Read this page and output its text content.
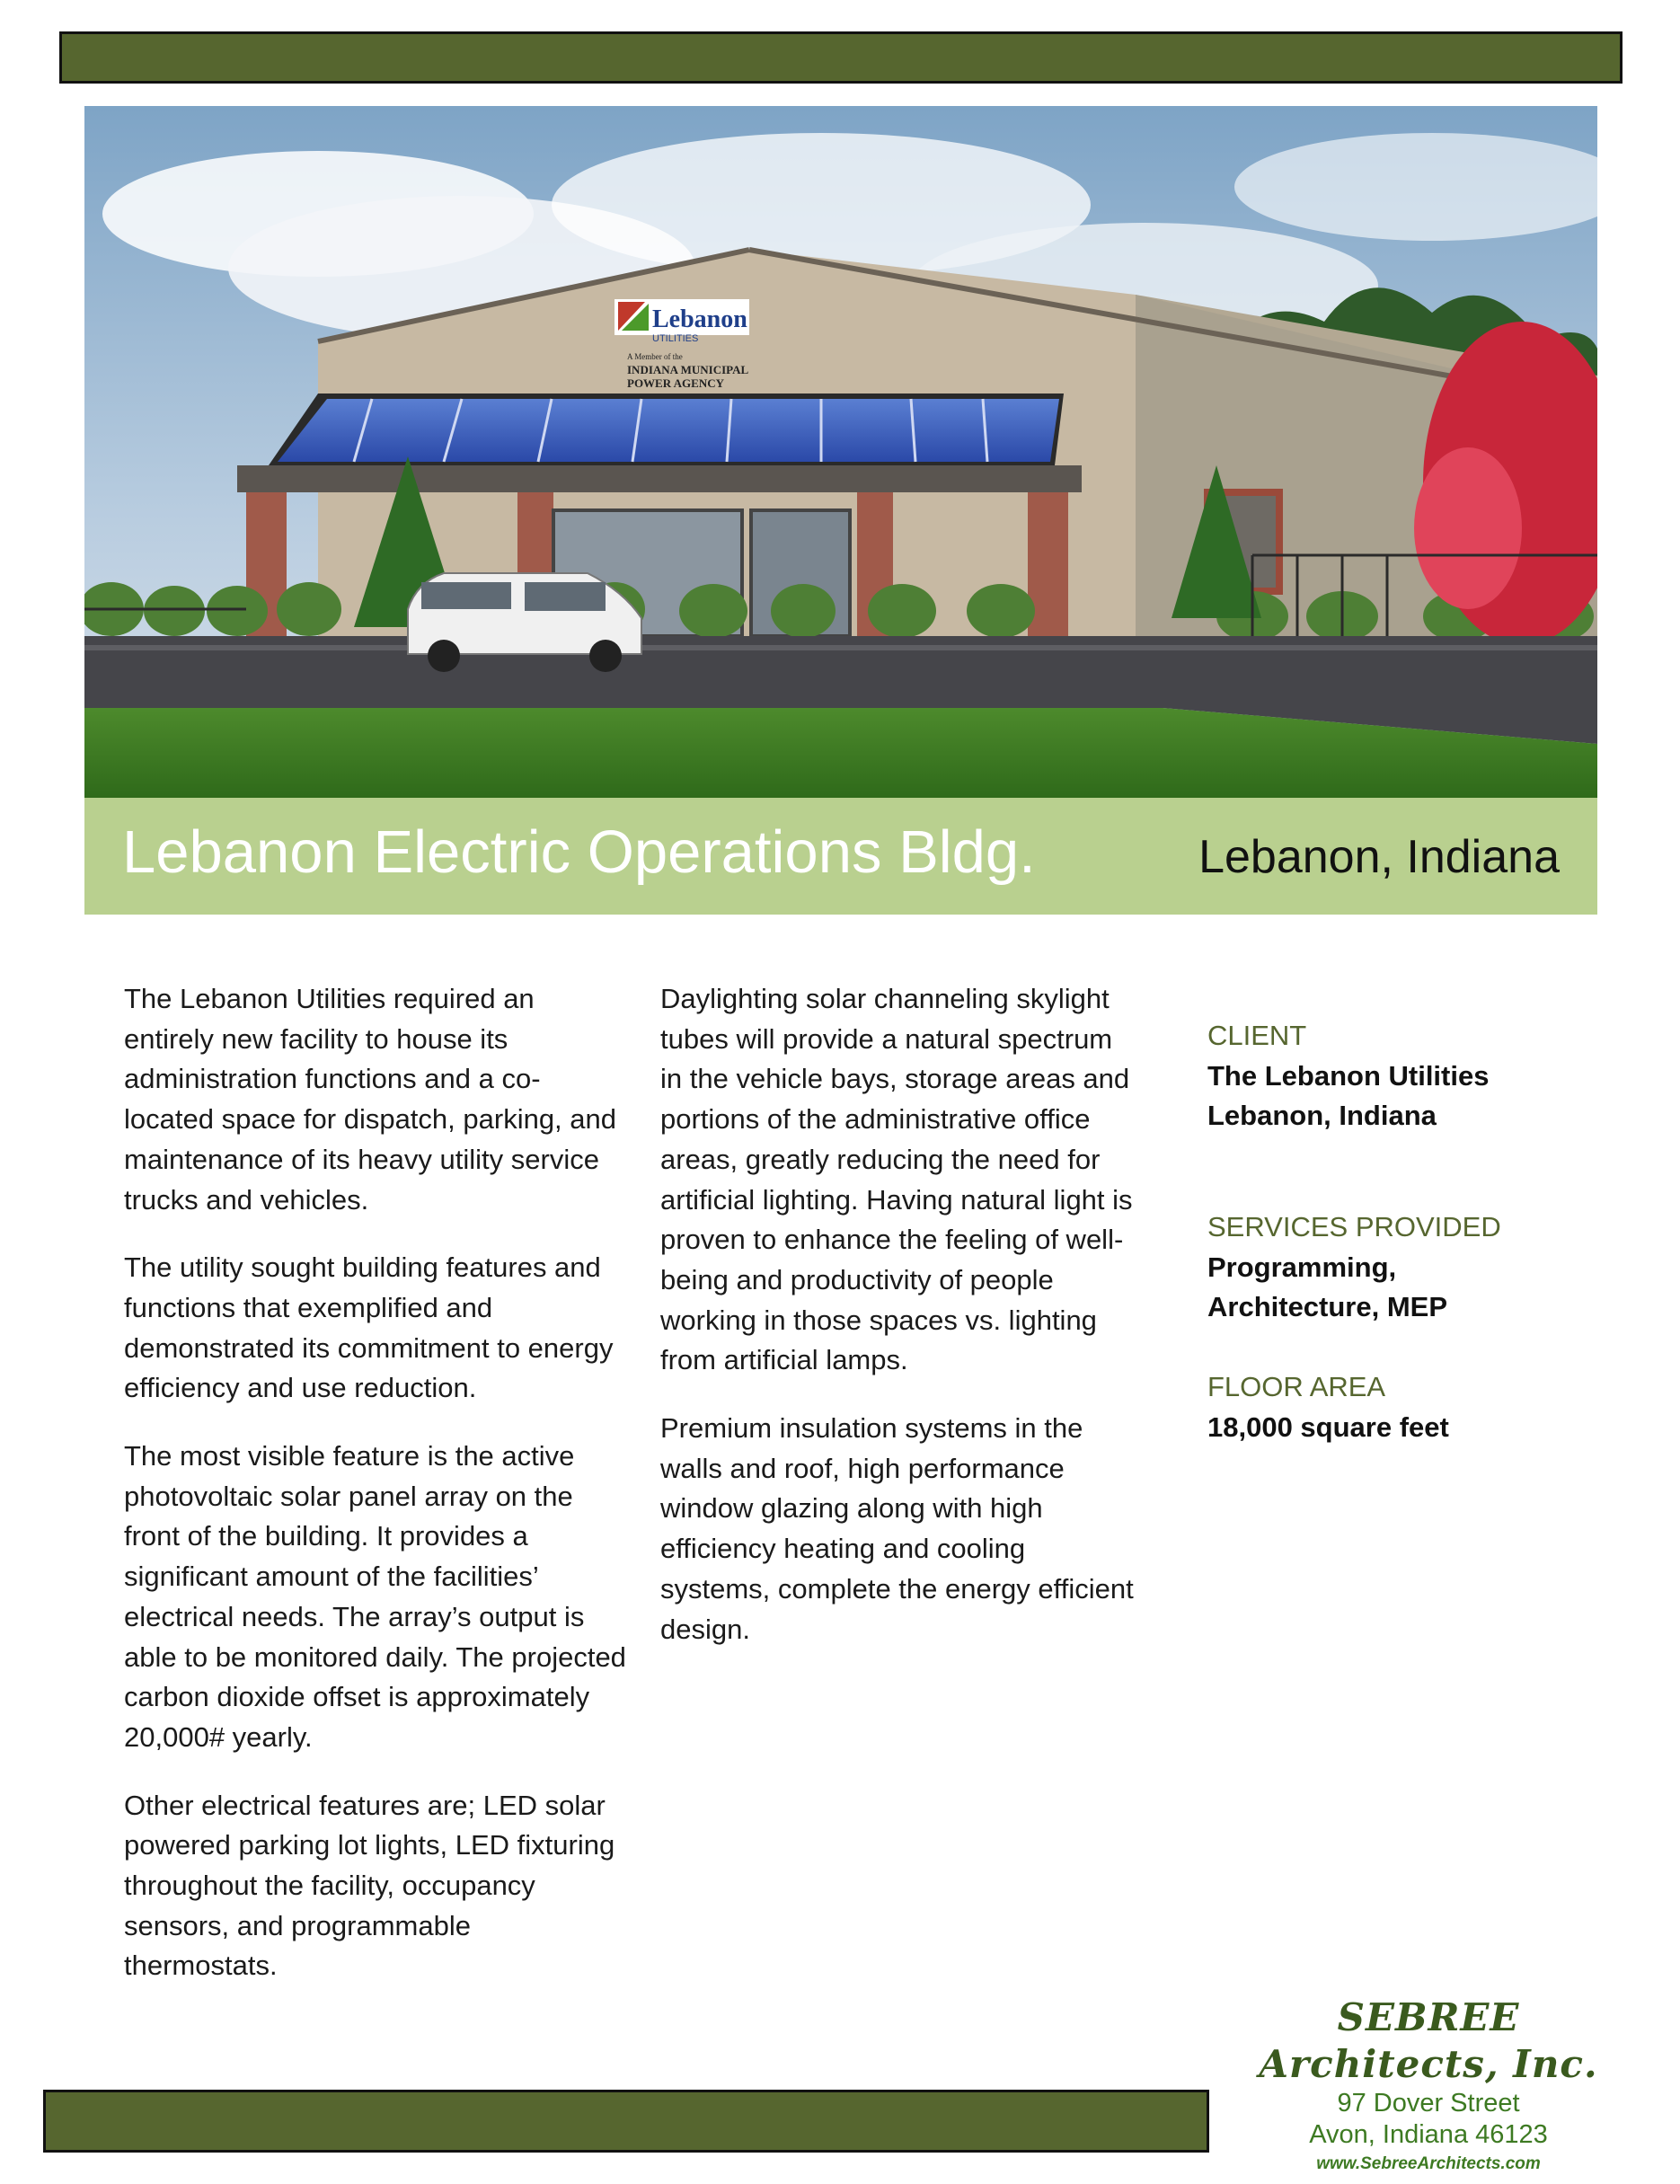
Lebanon
UTILITIES
A Member of the
INDIANA MUNICIPAL
POWER AGENCY
Lebanon Electric Operations Bldg.	Lebanon, Indiana

The Lebanon Utilities required an entirely new facility to house its administration functions and a co-located space for dispatch, parking, and maintenance of its heavy utility service trucks and vehicles.

The utility sought building features and functions that exemplified and demonstrated its commitment to energy efficiency and use reduction.

The most visible feature is the active photovoltaic solar panel array on the front of the building. It provides a significant amount of the facilities’ electrical needs. The array’s output is able to be monitored daily. The projected carbon dioxide offset is approximately 20,000# yearly.

Other electrical features are; LED solar powered parking lot lights, LED fixturing throughout the facility, occupancy sensors, and programmable thermostats.

Daylighting solar channeling skylight tubes will provide a natural spectrum in the vehicle bays, storage areas and portions of the administrative office areas, greatly reducing the need for artificial lighting. Having natural light is proven to enhance the feeling of well-being and productivity of people working in those spaces vs. lighting from artificial lamps.

Premium insulation systems in the walls and roof, high performance window glazing along with high efficiency heating and cooling systems, complete the energy efficient design.

CLIENT
The Lebanon Utilities
Lebanon, Indiana
SERVICES PROVIDED
Programming,
Architecture, MEP
FLOOR AREA
18,000 square feet
SEBREE Architects, Inc.
97 Dover Street
Avon, Indiana 46123
www.SebreeArchitects.com
